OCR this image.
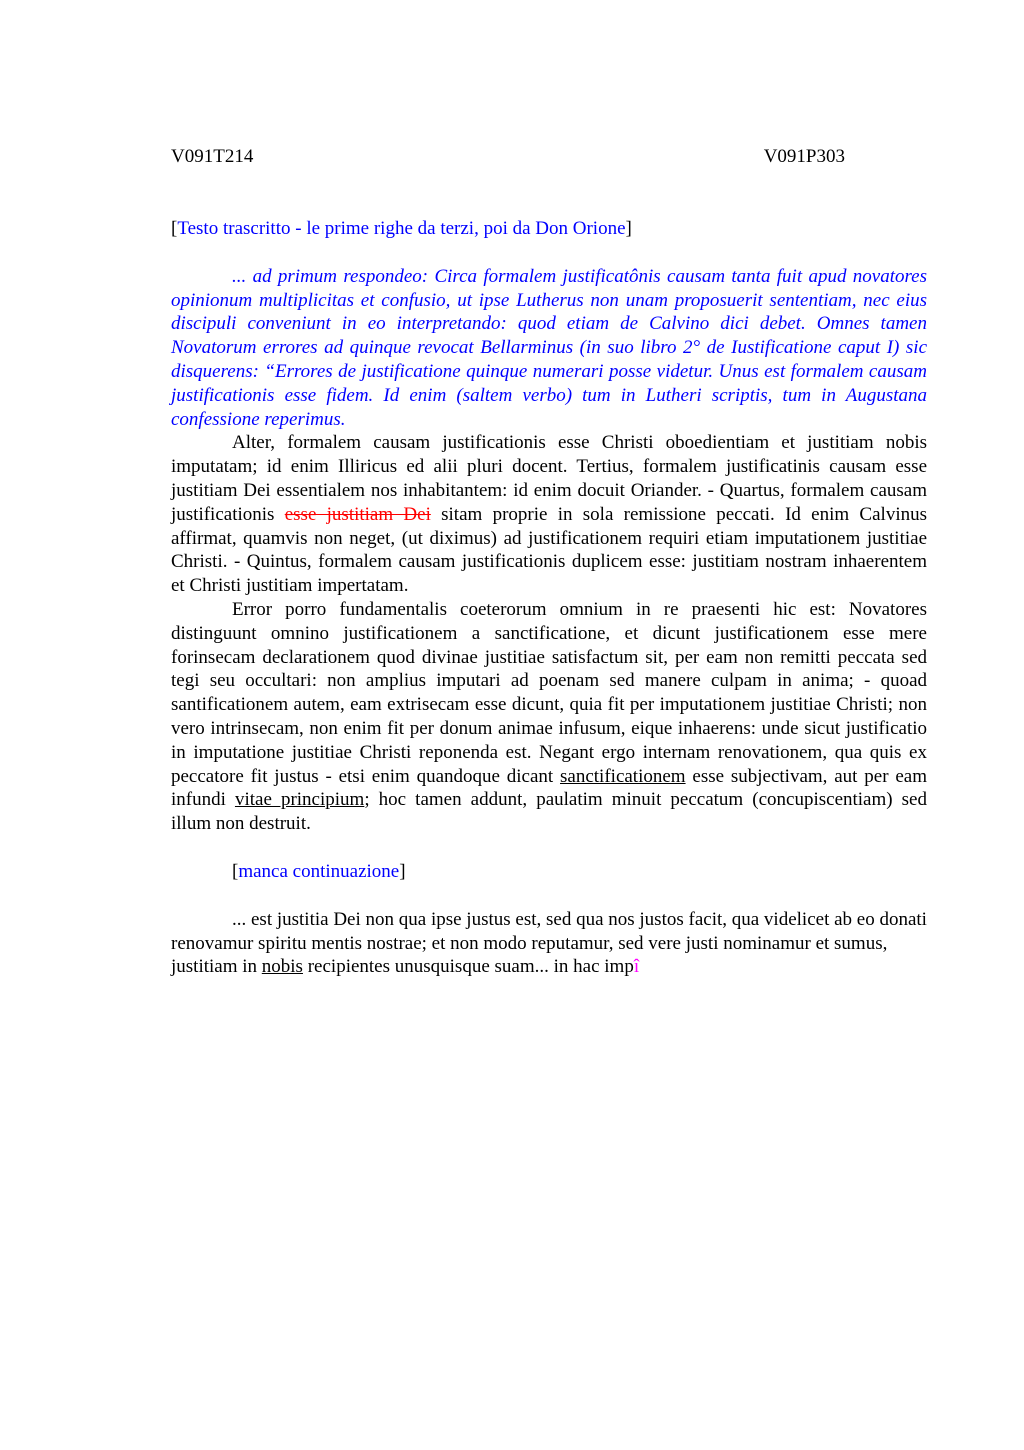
V091T214	V091P303
[Testo trascritto - le prime righe da terzi, poi da Don Orione]

... ad primum respondeo: Circa formalem justificatônis causam tanta fuit apud novatores opinionum multiplicitas et confusio, ut ipse Lutherus non unam proposuerit sententiam, nec eius discipuli conveniunt in eo interpretando: quod etiam de Calvino dici debet. Omnes tamen Novatorum errores ad quinque revocat Bellarminus (in suo libro 2° de Iustificatione caput I) sic disquerens: “Errores de justificatione quinque numerari posse videtur. Unus est formalem causam justificationis esse fidem. Id enim (saltem verbo) tum in Lutheri scriptis, tum in Augustana confessione reperimus.

Alter, formalem causam justificationis esse Christi oboedientiam et justitiam nobis imputatam; id enim Illiricus ed alii pluri docent. Tertius, formalem justificatinis causam esse justitiam Dei essentialem nos inhabitantem: id enim docuit Oriander. - Quartus, formalem causam justificationis esse justitiam Dei sitam proprie in sola remissione peccati. Id enim Calvinus affirmat, quamvis non neget, (ut diximus) ad justificationem requiri etiam imputationem justitiae Christi. - Quintus, formalem causam justificationis duplicem esse: justitiam nostram inhaerentem et Christi justitiam impertatam.

Error porro fundamentalis coeterorum omnium in re praesenti hic est: Novatores distinguunt omnino justificationem a sanctificatione, et dicunt justificationem esse mere forinsecam declarationem quod divinae justitiae satisfactum sit, per eam non remitti peccata sed tegi seu occultari: non amplius imputari ad poenam sed manere culpam in anima; - quoad santificationem autem, eam extrisecam esse dicunt, quia fit per imputationem justitiae Christi; non vero intrinsecam, non enim fit per donum animae infusum, eique inhaerens: unde sicut justificatio in imputatione justitiae Christi reponenda est. Negant ergo internam renovationem, qua quis ex peccatore fit justus - etsi enim quandoque dicant sanctificationem esse subjectivam, aut per eam infundi vitae principium; hoc tamen addunt, paulatim minuit peccatum (concupiscentiam) sed illum non destruit.

[manca continuazione]

... est justitia Dei non qua ipse justus est, sed qua nos justos facit, qua videlicet ab eo donati renovamur spiritu mentis nostrae; et non modo reputamur, sed vere justi nominamur et sumus, justitiam in nobis recipientes unusquisque suam... in hac impî
